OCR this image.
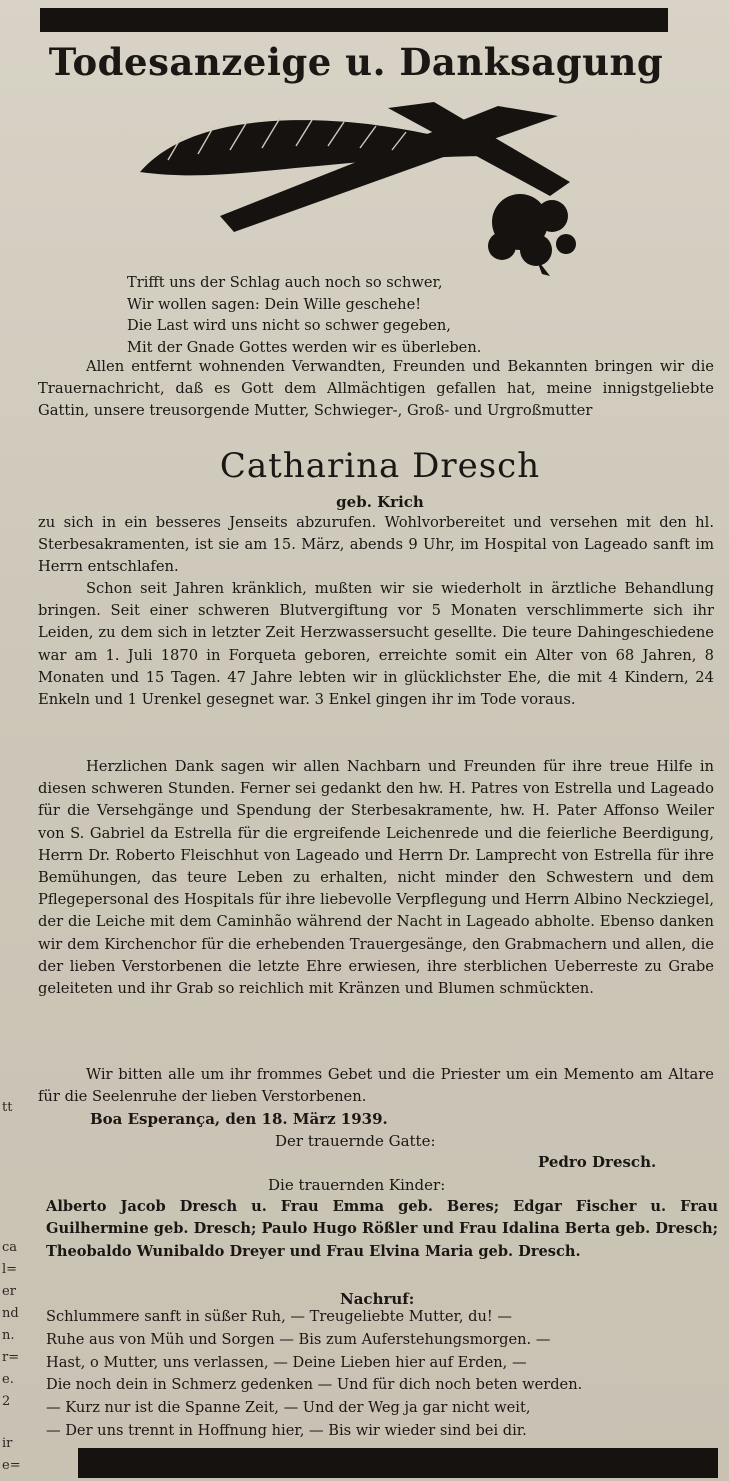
Todesanzeige u. Danksagung
Trifft uns der Schlag auch noch so schwer,
Wir wollen sagen: Dein Wille geschehe!
Die Last wird uns nicht so schwer gegeben,
Mit der Gnade Gottes werden wir es überleben.
Allen entfernt wohnenden Verwandten, Freunden und Bekannten bringen wir die Trauernachricht, daß es Gott dem Allmächtigen gefallen hat, meine innigstgeliebte Gattin, unsere treusorgende Mutter, Schwieger-, Groß- und Urgroßmutter
Catharina Dresch
geb. Krich
zu sich in ein besseres Jenseits abzurufen. Wohlvorbereitet und versehen mit den hl. Sterbesakramenten, ist sie am 15. März, abends 9 Uhr, im Hospital von Lageado sanft im Herrn entschlafen.
Schon seit Jahren kränklich, mußten wir sie wiederholt in ärztliche Behandlung bringen. Seit einer schweren Blutvergiftung vor 5 Monaten verschlimmerte sich ihr Leiden, zu dem sich in letzter Zeit Herzwassersucht gesellte. Die teure Dahingeschiedene war am 1. Juli 1870 in Forqueta geboren, erreichte somit ein Alter von 68 Jahren, 8 Monaten und 15 Tagen. 47 Jahre lebten wir in glücklichster Ehe, die mit 4 Kindern, 24 Enkeln und 1 Urenkel gesegnet war. 3 Enkel gingen ihr im Tode voraus.
Herzlichen Dank sagen wir allen Nachbarn und Freunden für ihre treue Hilfe in diesen schweren Stunden. Ferner sei gedankt den hw. H. Patres von Estrella und Lageado für die Versehgänge und Spendung der Sterbesakramente, hw. H. Pater Affonso Weiler von S. Gabriel da Estrella für die ergreifende Leichenrede und die feierliche Beerdigung, Herrn Dr. Roberto Fleischhut von Lageado und Herrn Dr. Lamprecht von Estrella für ihre Bemühungen, das teure Leben zu erhalten, nicht minder den Schwestern und dem Pflegepersonal des Hospitals für ihre liebevolle Verpflegung und Herrn Albino Neckziegel, der die Leiche mit dem Caminhão während der Nacht in Lageado abholte. Ebenso danken wir dem Kirchenchor für die erhebenden Trauergesänge, den Grabmachern und allen, die der lieben Verstorbenen die letzte Ehre erwiesen, ihre sterblichen Ueberreste zu Grabe geleiteten und ihr Grab so reichlich mit Kränzen und Blumen schmückten.
Wir bitten alle um ihr frommes Gebet und die Priester um ein Memento am Altare für die Seelenruhe der lieben Verstorbenen.
Boa Esperança, den 18. März 1939.
Der trauernde Gatte:
Pedro Dresch.
Die trauernden Kinder:
Alberto Jacob Dresch u. Frau Emma geb. Beres; Edgar Fischer u. Frau Guilhermine geb. Dresch; Paulo Hugo Rößler und Frau Idalina Berta geb. Dresch; Theobaldo Wunibaldo Dreyer und Frau Elvina Maria geb. Dresch.
Nachruf:
Schlummere sanft in süßer Ruh, — Treugeliebte Mutter, du! —
Ruhe aus von Müh und Sorgen — Bis zum Auferstehungsmorgen. —
Hast, o Mutter, uns verlassen, — Deine Lieben hier auf Erden, —
Die noch dein in Schmerz gedenken — Und für dich noch beten werden.
— Kurz nur ist die Spanne Zeit, — Und der Weg ja gar nicht weit,
— Der uns trennt in Hoffnung hier, — Bis wir wieder sind bei dir.
tt
ca
l=
er
nd
n.
r=
e.
2
ir
e=
